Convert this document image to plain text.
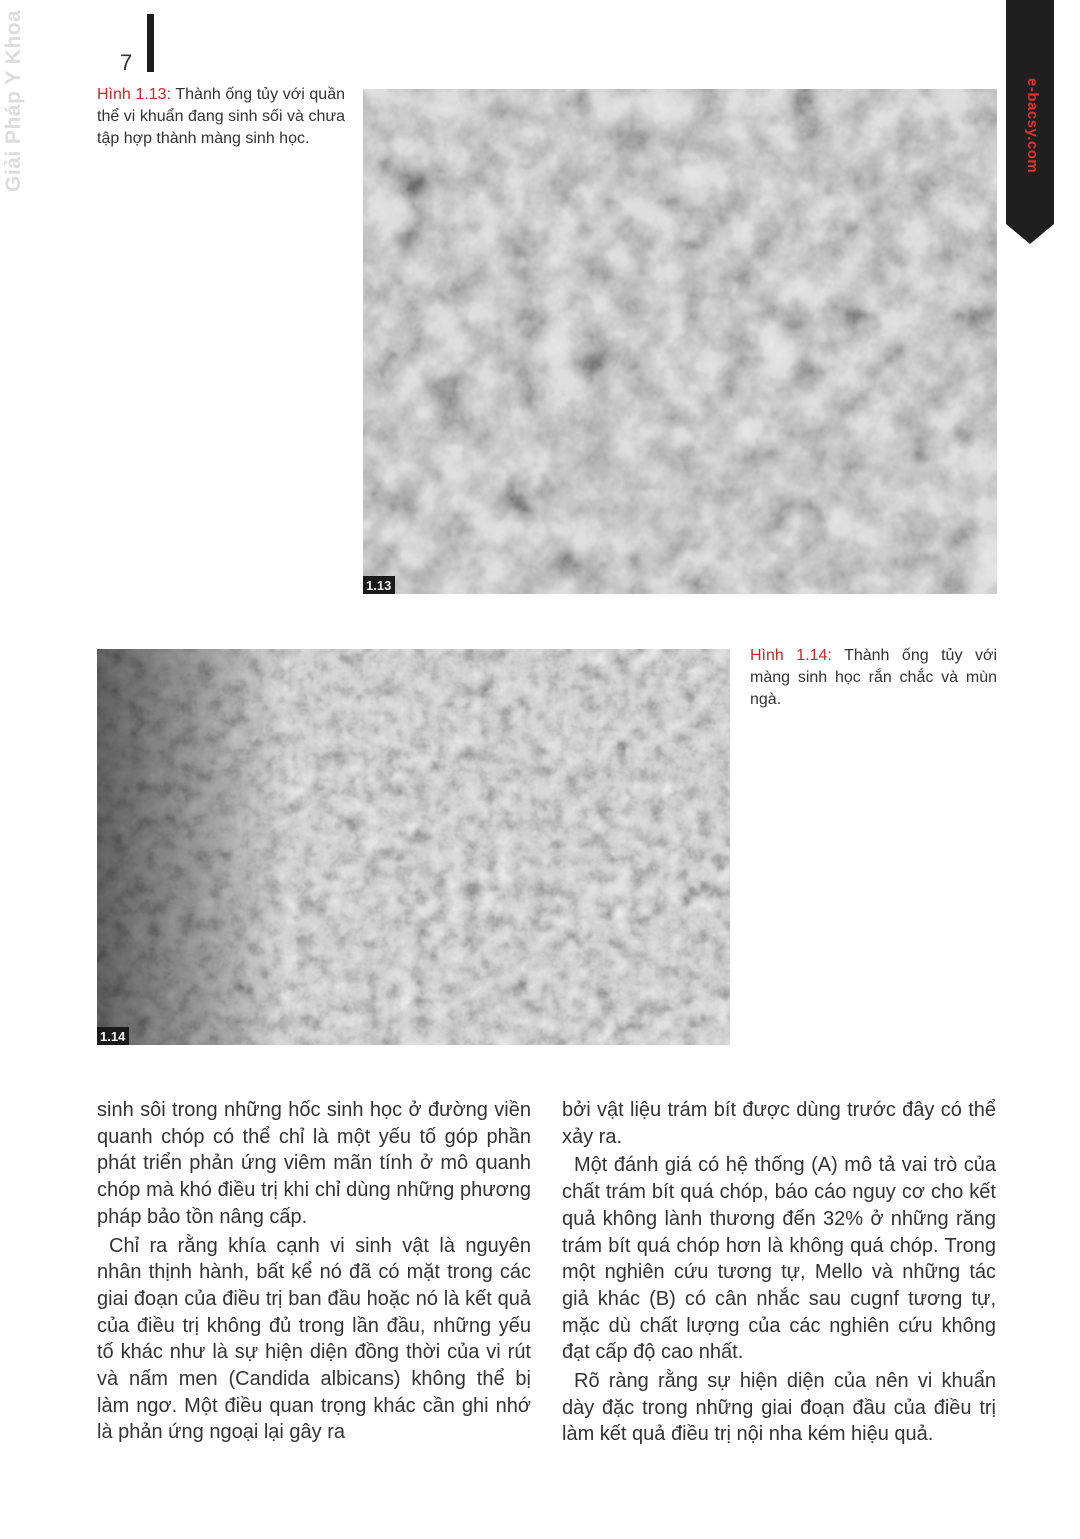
Giải Pháp Y Khoa	7
e-bacsy.com
Hình 1.13: Thành ống tủy với quần thể vi khuẩn đang sinh sối và chưa tập hợp thành màng sinh học.
1.13
1.14
Hình 1.14: Thành ống tủy với màng sinh học rắn chắc và mùn ngà.

sinh sôi trong những hốc sinh học ở đường viền quanh chóp có thể chỉ là một yếu tố góp phần phát triển phản ứng viêm mãn tính ở mô quanh chóp mà khó điều trị khi chỉ dùng những phương pháp bảo tồn nâng cấp.

Chỉ ra rằng khía cạnh vi sinh vật là nguyên nhân thịnh hành, bất kể nó đã có mặt trong các giai đoạn của điều trị ban đầu hoặc nó là kết quả của điều trị không đủ trong lần đầu, những yếu tố khác như là sự hiện diện đồng thời của vi rút và nấm men (Candida albicans) không thể bị làm ngơ. Một điều quan trọng khác cần ghi nhớ là phản ứng ngoại lại gây ra

bởi vật liệu trám bít được dùng trước đây có thể xảy ra.

Một đánh giá có hệ thống (A) mô tả vai trò của chất trám bít quá chóp, báo cáo nguy cơ cho kết quả không lành thương đến 32% ở những răng trám bít quá chóp hơn là không quá chóp. Trong một nghiên cứu tương tự, Mello và những tác giả khác (B) có cân nhắc sau cugnf tương tự, mặc dù chất lượng của các nghiên cứu không đạt cấp độ cao nhất.

Rõ ràng rằng sự hiện diện của nên vi khuẩn dày đặc trong những giai đoạn đầu của điều trị làm kết quả điều trị nội nha kém hiệu quả.
